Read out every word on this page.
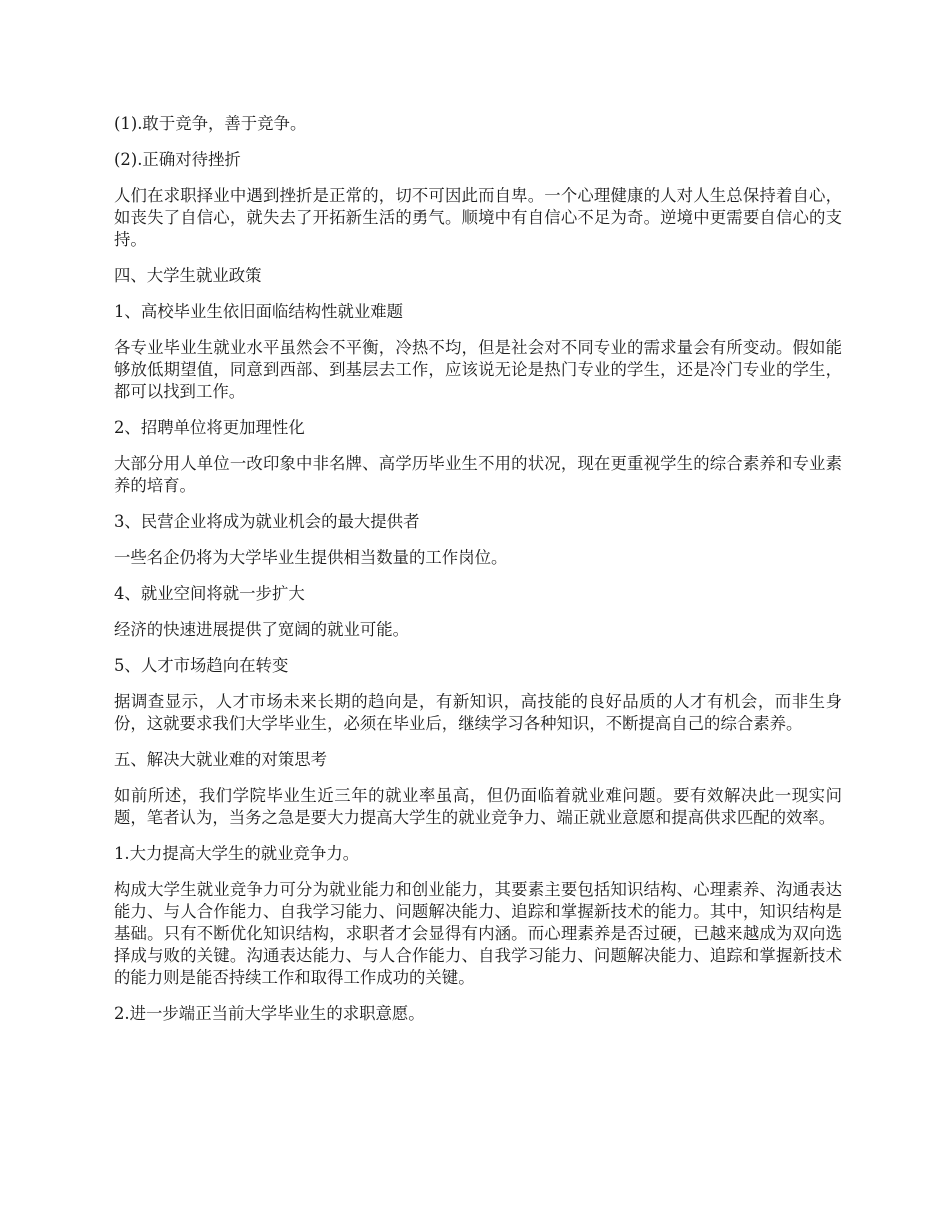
(1).敢于竞争，善于竞争。

(2).正确对待挫折

人们在求职择业中遇到挫折是正常的，切不可因此而自卑。一个心理健康的人对人生总保持着自心，如丧失了自信心，就失去了开拓新生活的勇气。顺境中有自信心不足为奇。逆境中更需要自信心的支持。

四、大学生就业政策

1、高校毕业生依旧面临结构性就业难题

各专业毕业生就业水平虽然会不平衡，冷热不均，但是社会对不同专业的需求量会有所变动。假如能够放低期望值，同意到西部、到基层去工作，应该说无论是热门专业的学生，还是冷门专业的学生，都可以找到工作。

2、招聘单位将更加理性化

大部分用人单位一改印象中非名牌、高学历毕业生不用的状况，现在更重视学生的综合素养和专业素养的培育。

3、民营企业将成为就业机会的最大提供者

一些名企仍将为大学毕业生提供相当数量的工作岗位。

4、就业空间将就一步扩大

经济的快速进展提供了宽阔的就业可能。

5、人才市场趋向在转变

据调查显示，人才市场未来长期的趋向是，有新知识，高技能的良好品质的人才有机会，而非生身份，这就要求我们大学毕业生，必须在毕业后，继续学习各种知识，不断提高自己的综合素养。

五、解决大就业难的对策思考

如前所述，我们学院毕业生近三年的就业率虽高，但仍面临着就业难问题。要有效解决此一现实问题，笔者认为，当务之急是要大力提高大学生的就业竞争力、端正就业意愿和提高供求匹配的效率。

1.大力提高大学生的就业竞争力。

构成大学生就业竞争力可分为就业能力和创业能力，其要素主要包括知识结构、心理素养、沟通表达能力、与人合作能力、自我学习能力、问题解决能力、追踪和掌握新技术的能力。其中，知识结构是基础。只有不断优化知识结构，求职者才会显得有内涵。而心理素养是否过硬，已越来越成为双向选择成与败的关键。沟通表达能力、与人合作能力、自我学习能力、问题解决能力、追踪和掌握新技术的能力则是能否持续工作和取得工作成功的关键。

2.进一步端正当前大学毕业生的求职意愿。
